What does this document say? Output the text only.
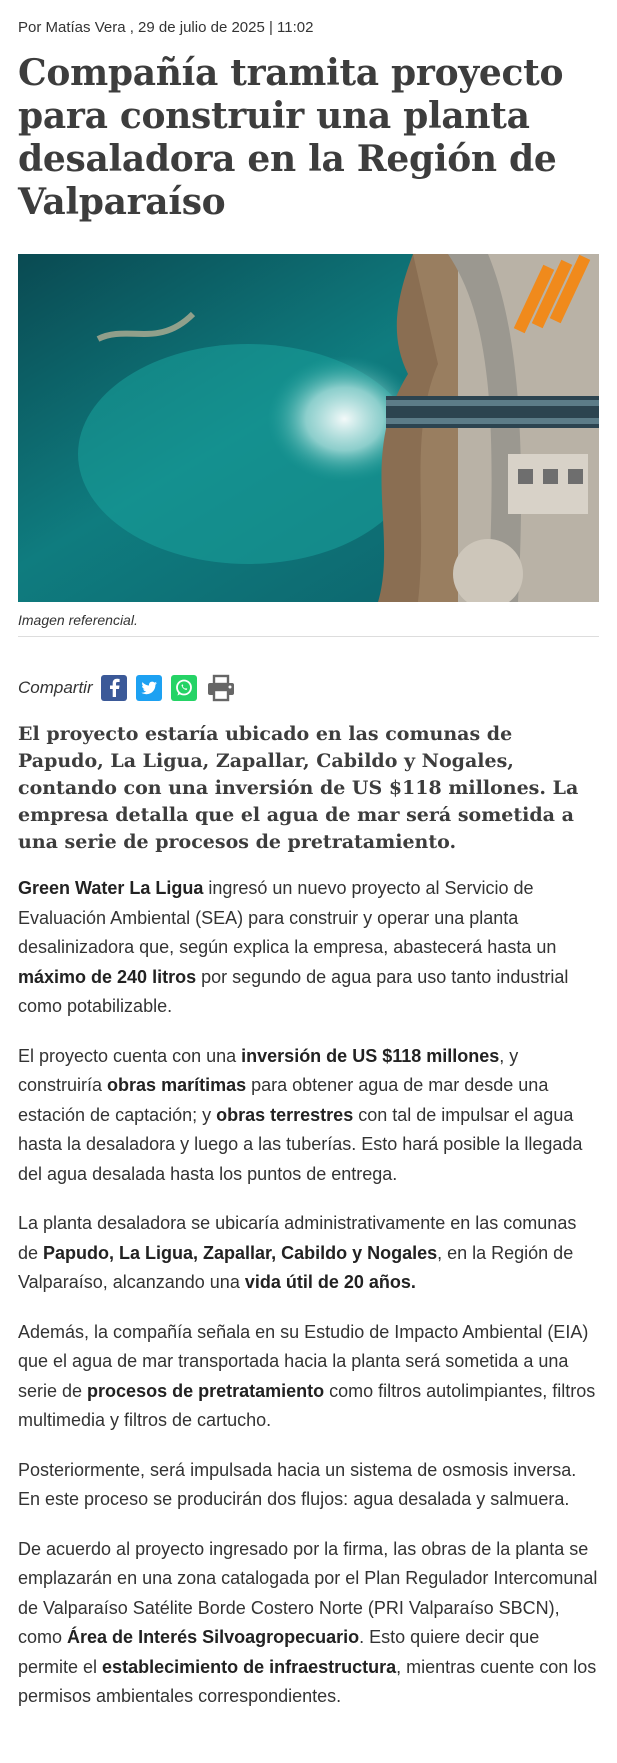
Por Matías Vera , 29 de julio de 2025 | 11:02
Compañía tramita proyecto para construir una planta desaladora en la Región de Valparaíso
Imagen referencial.
Compartir
El proyecto estaría ubicado en las comunas de Papudo, La Ligua, Zapallar, Cabildo y Nogales, contando con una inversión de US $118 millones. La empresa detalla que el agua de mar será sometida a una serie de procesos de pretratamiento.

Green Water La Ligua ingresó un nuevo proyecto al Servicio de Evaluación Ambiental (SEA) para construir y operar una planta desalinizadora que, según explica la empresa, abastecerá hasta un máximo de 240 litros por segundo de agua para uso tanto industrial como potabilizable.

El proyecto cuenta con una inversión de US $118 millones, y construiría obras marítimas para obtener agua de mar desde una estación de captación; y obras terrestres con tal de impulsar el agua hasta la desaladora y luego a las tuberías. Esto hará posible la llegada del agua desalada hasta los puntos de entrega.

La planta desaladora se ubicaría administrativamente en las comunas de Papudo, La Ligua, Zapallar, Cabildo y Nogales, en la Región de Valparaíso, alcanzando una vida útil de 20 años.

Además, la compañía señala en su Estudio de Impacto Ambiental (EIA) que el agua de mar transportada hacia la planta será sometida a una serie de procesos de pretratamiento como filtros autolimpiantes, filtros multimedia y filtros de cartucho.

Posteriormente, será impulsada hacia un sistema de osmosis inversa. En este proceso se producirán dos flujos: agua desalada y salmuera.

De acuerdo al proyecto ingresado por la firma, las obras de la planta se emplazarán en una zona catalogada por el Plan Regulador Intercomunal de Valparaíso Satélite Borde Costero Norte (PRI Valparaíso SBCN), como Área de Interés Silvoagropecuario. Esto quiere decir que permite el establecimiento de infraestructura, mientras cuente con los permisos ambientales correspondientes.
